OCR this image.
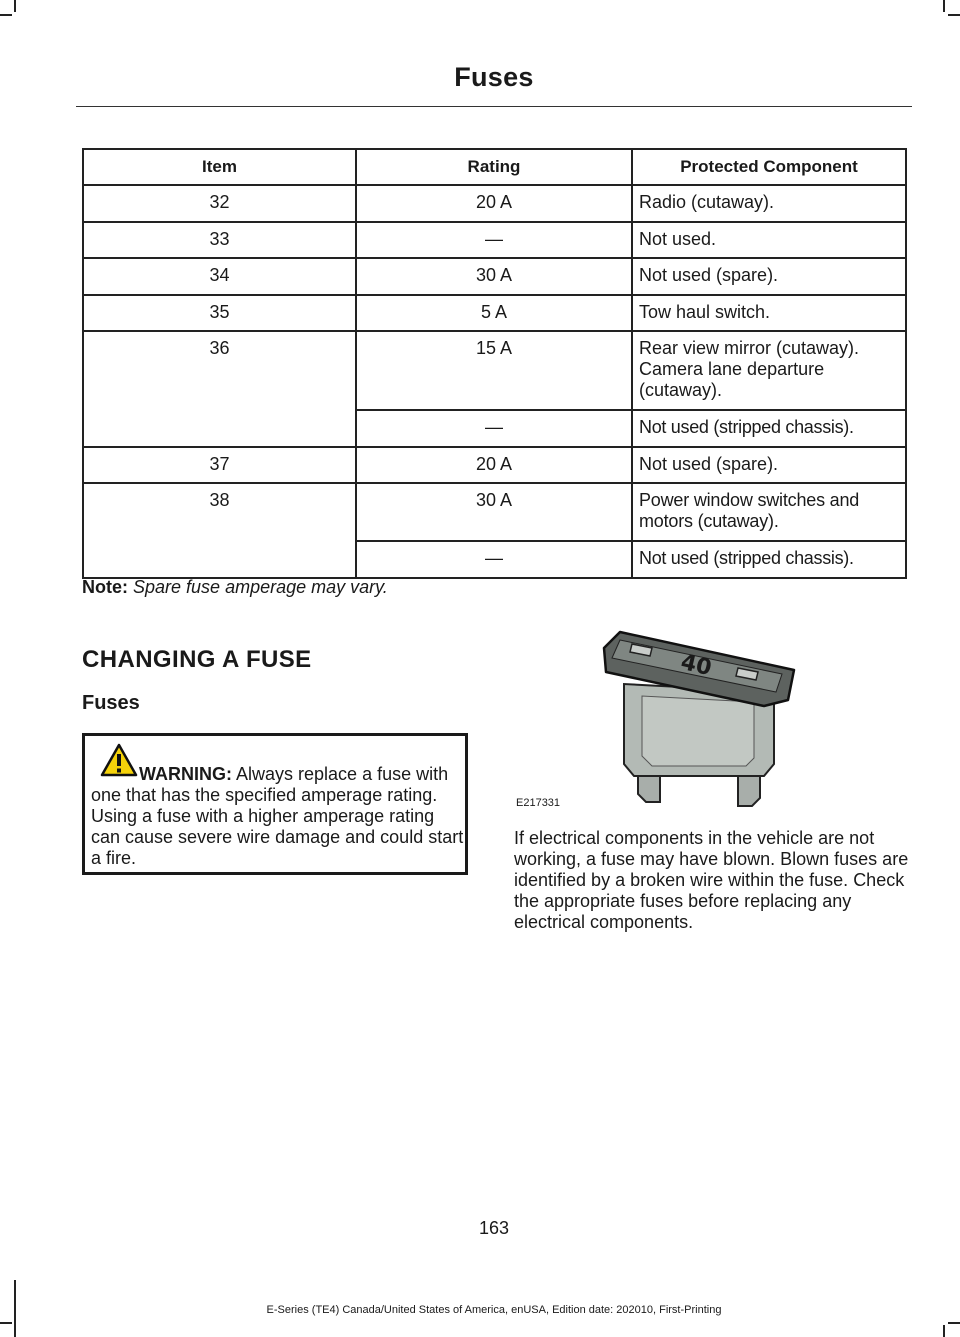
Fuses
Item	Rating	Protected Component
32	20 A	Radio (cutaway).
33	—	Not used.
34	30 A	Not used (spare).
35	5 A	Tow haul switch.
36	15 A	Rear view mirror (cutaway). Camera lane departure (cutaway).
	—	Not used (stripped chassis).
37	20 A	Not used (spare).
38	30 A	Power window switches and motors (cutaway).
	—	Not used (stripped chassis).
Note: Spare fuse amperage may vary.
CHANGING A FUSE
Fuses
WARNING: Always replace a fuse with one that has the specified amperage rating. Using a fuse with a higher amperage rating can cause severe wire damage and could start a fire.
40
E217331
If electrical components in the vehicle are not working, a fuse may have blown. Blown fuses are identified by a broken wire within the fuse. Check the appropriate fuses before replacing any electrical components.
163
E-Series (TE4) Canada/United States of America, enUSA, Edition date: 202010, First-Printing
